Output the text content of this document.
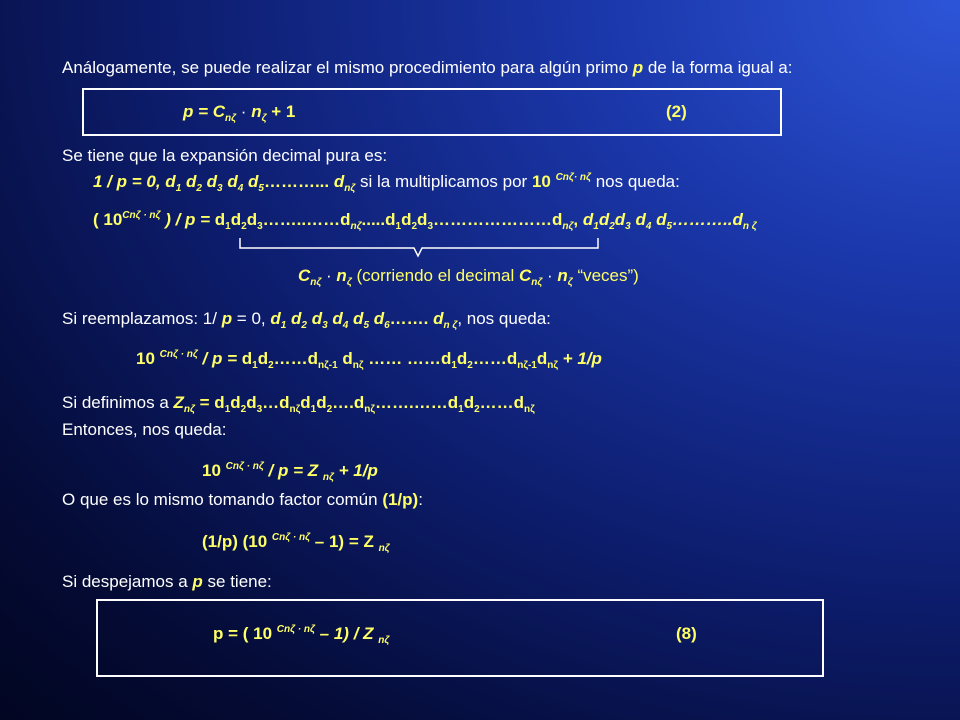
Análogamente, se puede realizar el mismo procedimiento para algún primo p de la forma igual a:
$p = C_{n\zeta} \cdot n_\zeta + 1$	(2)
Se tiene que la expansión decimal pura es:
1 / p = 0, $d_1$ $d_2$ $d_3$ $d_4$ $d_5\dots\dots\dots$... $d_{n\zeta}$ si la multiplicamos por 10 $^{Cn\zeta\cdot n\zeta}$ nos queda:
( $10^{Cn\zeta \cdot n\zeta}$ ) / $p = d_1d_2d_3\dots\dots..\dots\dots d_{n\zeta}.....d_1d_2d_3\dots\dots\dots\dots\dots\dots\dots d_{n\zeta}$, $d_1d_2d_3$ $d_4$ $d_5\dots\dots\dots..d_{n \zeta}$
$C_{n\zeta} \cdot n_\zeta$ (corriendo el decimal $C_{n\zeta} \cdot n_\zeta$ “veces”)
Si reemplazamos: 1/ p = 0, $d_1$ $d_2$ $d_3$ $d_4$ $d_5$ $d_6\dots\dots$. $d_{n \zeta}$, nos queda:
10 $^{Cn\zeta \cdot n\zeta} / p = d_1d_2\dots\dots d_{n\zeta-1}$ $d_{n\zeta}$ …… $\dots\dots d_1d_2\dots\dots d_{n\zeta-1}d_{n\zeta} + 1/p$
Si definimos a $Z_{n\zeta}$ = $d_1d_2d_3\dots d_{n\zeta}d_1d_2\dots.d_{n\zeta}\dots\dots.\dots\dots d_1d_2\dots\dots d_{n\zeta}$
Entonces, nos queda:
10 $^{Cn\zeta \cdot n\zeta}$ / p = Z $_{n\zeta}$ + 1/p
O que es lo mismo tomando factor común (1/p):
(1/p) (10 $^{Cn\zeta \cdot n\zeta}$ – 1) = Z $_{n\zeta}$
Si despejamos a p se tiene:
p = ( 10 $^{Cn\zeta \cdot n\zeta}$ – 1) / Z $_{n\zeta}$	(8)
